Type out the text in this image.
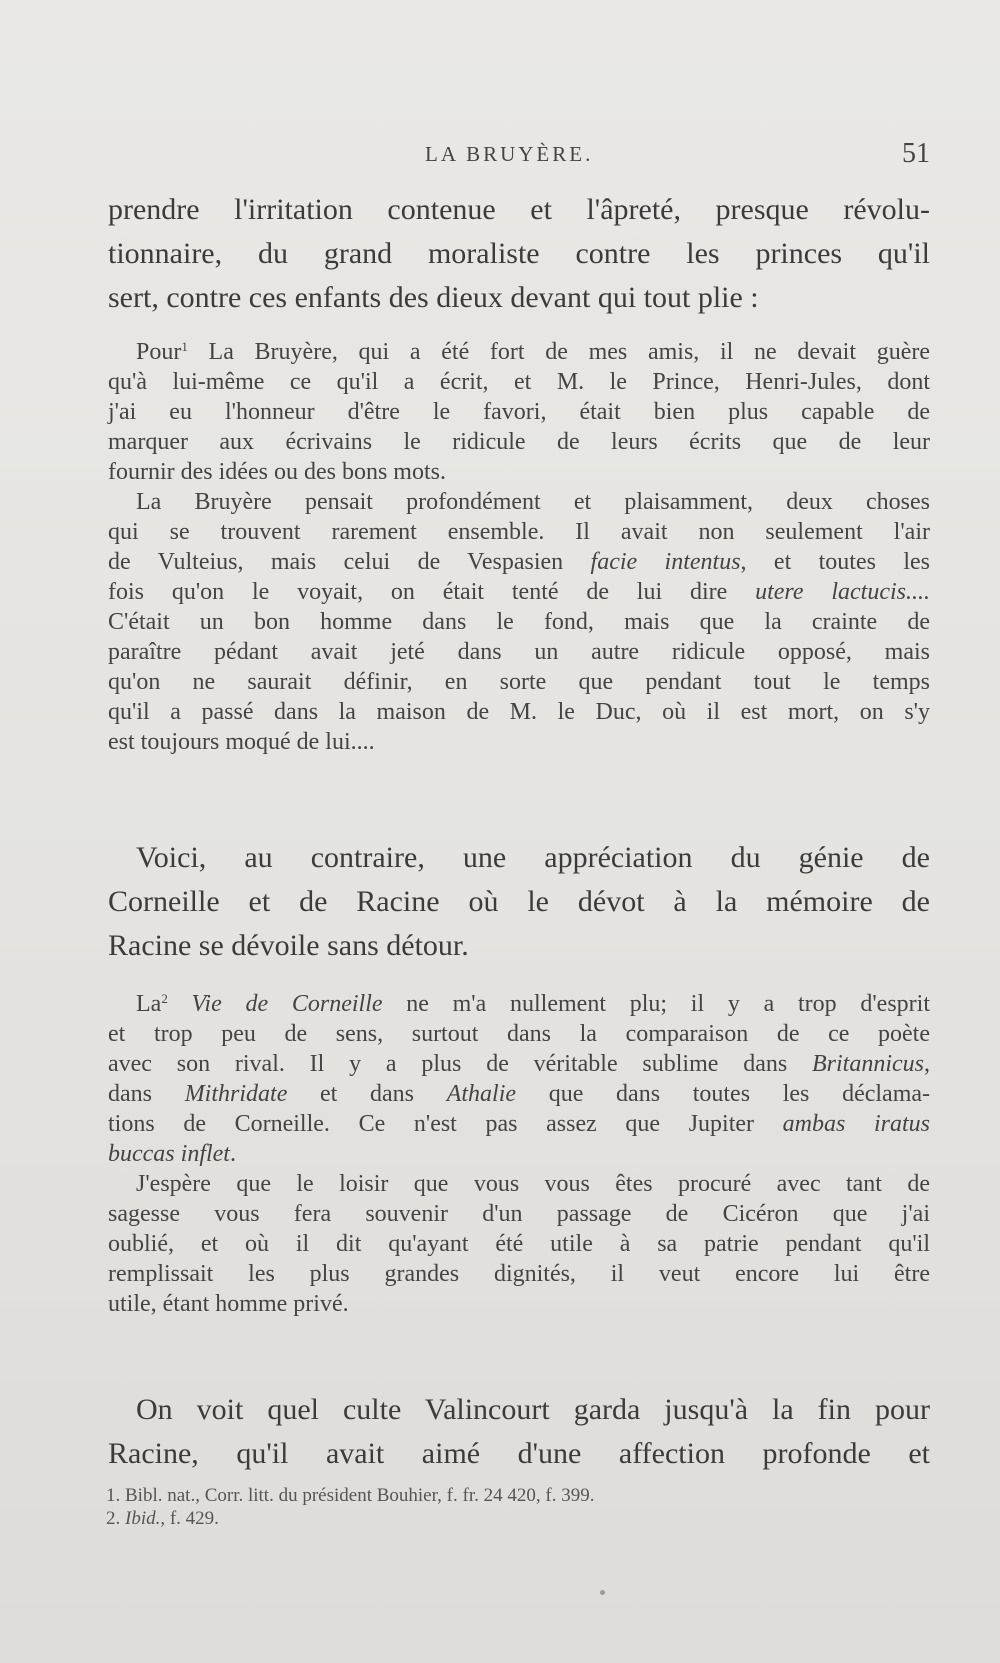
LA BRUYÈRE.	51
prendre l'irritation contenue et l'âpreté, presque révolu-
tionnaire, du grand moraliste contre les princes qu'il
sert, contre ces enfants des dieux devant qui tout plie :
Pour$^1$ La Bruyère, qui a été fort de mes amis, il ne devait guère
qu'à lui-même ce qu'il a écrit, et M. le Prince, Henri-Jules, dont
j'ai eu l'honneur d'être le favori, était bien plus capable de
marquer aux écrivains le ridicule de leurs écrits que de leur
fournir des idées ou des bons mots.
La Bruyère pensait profondément et plaisamment, deux choses
qui se trouvent rarement ensemble. Il avait non seulement l'air
de Vulteius, mais celui de Vespasien facie intentus, et toutes les
fois qu'on le voyait, on était tenté de lui dire utere lactucis....
C'était un bon homme dans le fond, mais que la crainte de
paraître pédant avait jeté dans un autre ridicule opposé, mais
qu'on ne saurait définir, en sorte que pendant tout le temps
qu'il a passé dans la maison de M. le Duc, où il est mort, on s'y
est toujours moqué de lui....
Voici, au contraire, une appréciation du génie de
Corneille et de Racine où le dévot à la mémoire de
Racine se dévoile sans détour.
La$^2$ Vie de Corneille ne m'a nullement plu; il y a trop d'esprit
et trop peu de sens, surtout dans la comparaison de ce poète
avec son rival. Il y a plus de véritable sublime dans Britannicus,
dans Mithridate et dans Athalie que dans toutes les déclama-
tions de Corneille. Ce n'est pas assez que Jupiter ambas iratus
buccas inflet.
J'espère que le loisir que vous vous êtes procuré avec tant de
sagesse vous fera souvenir d'un passage de Cicéron que j'ai
oublié, et où il dit qu'ayant été utile à sa patrie pendant qu'il
remplissait les plus grandes dignités, il veut encore lui être
utile, étant homme privé.
On voit quel culte Valincourt garda jusqu'à la fin pour
Racine, qu'il avait aimé d'une affection profonde et
1. Bibl. nat., Corr. litt. du président Bouhier, f. fr. 24 420, f. 399.
2. Ibid., f. 429.
